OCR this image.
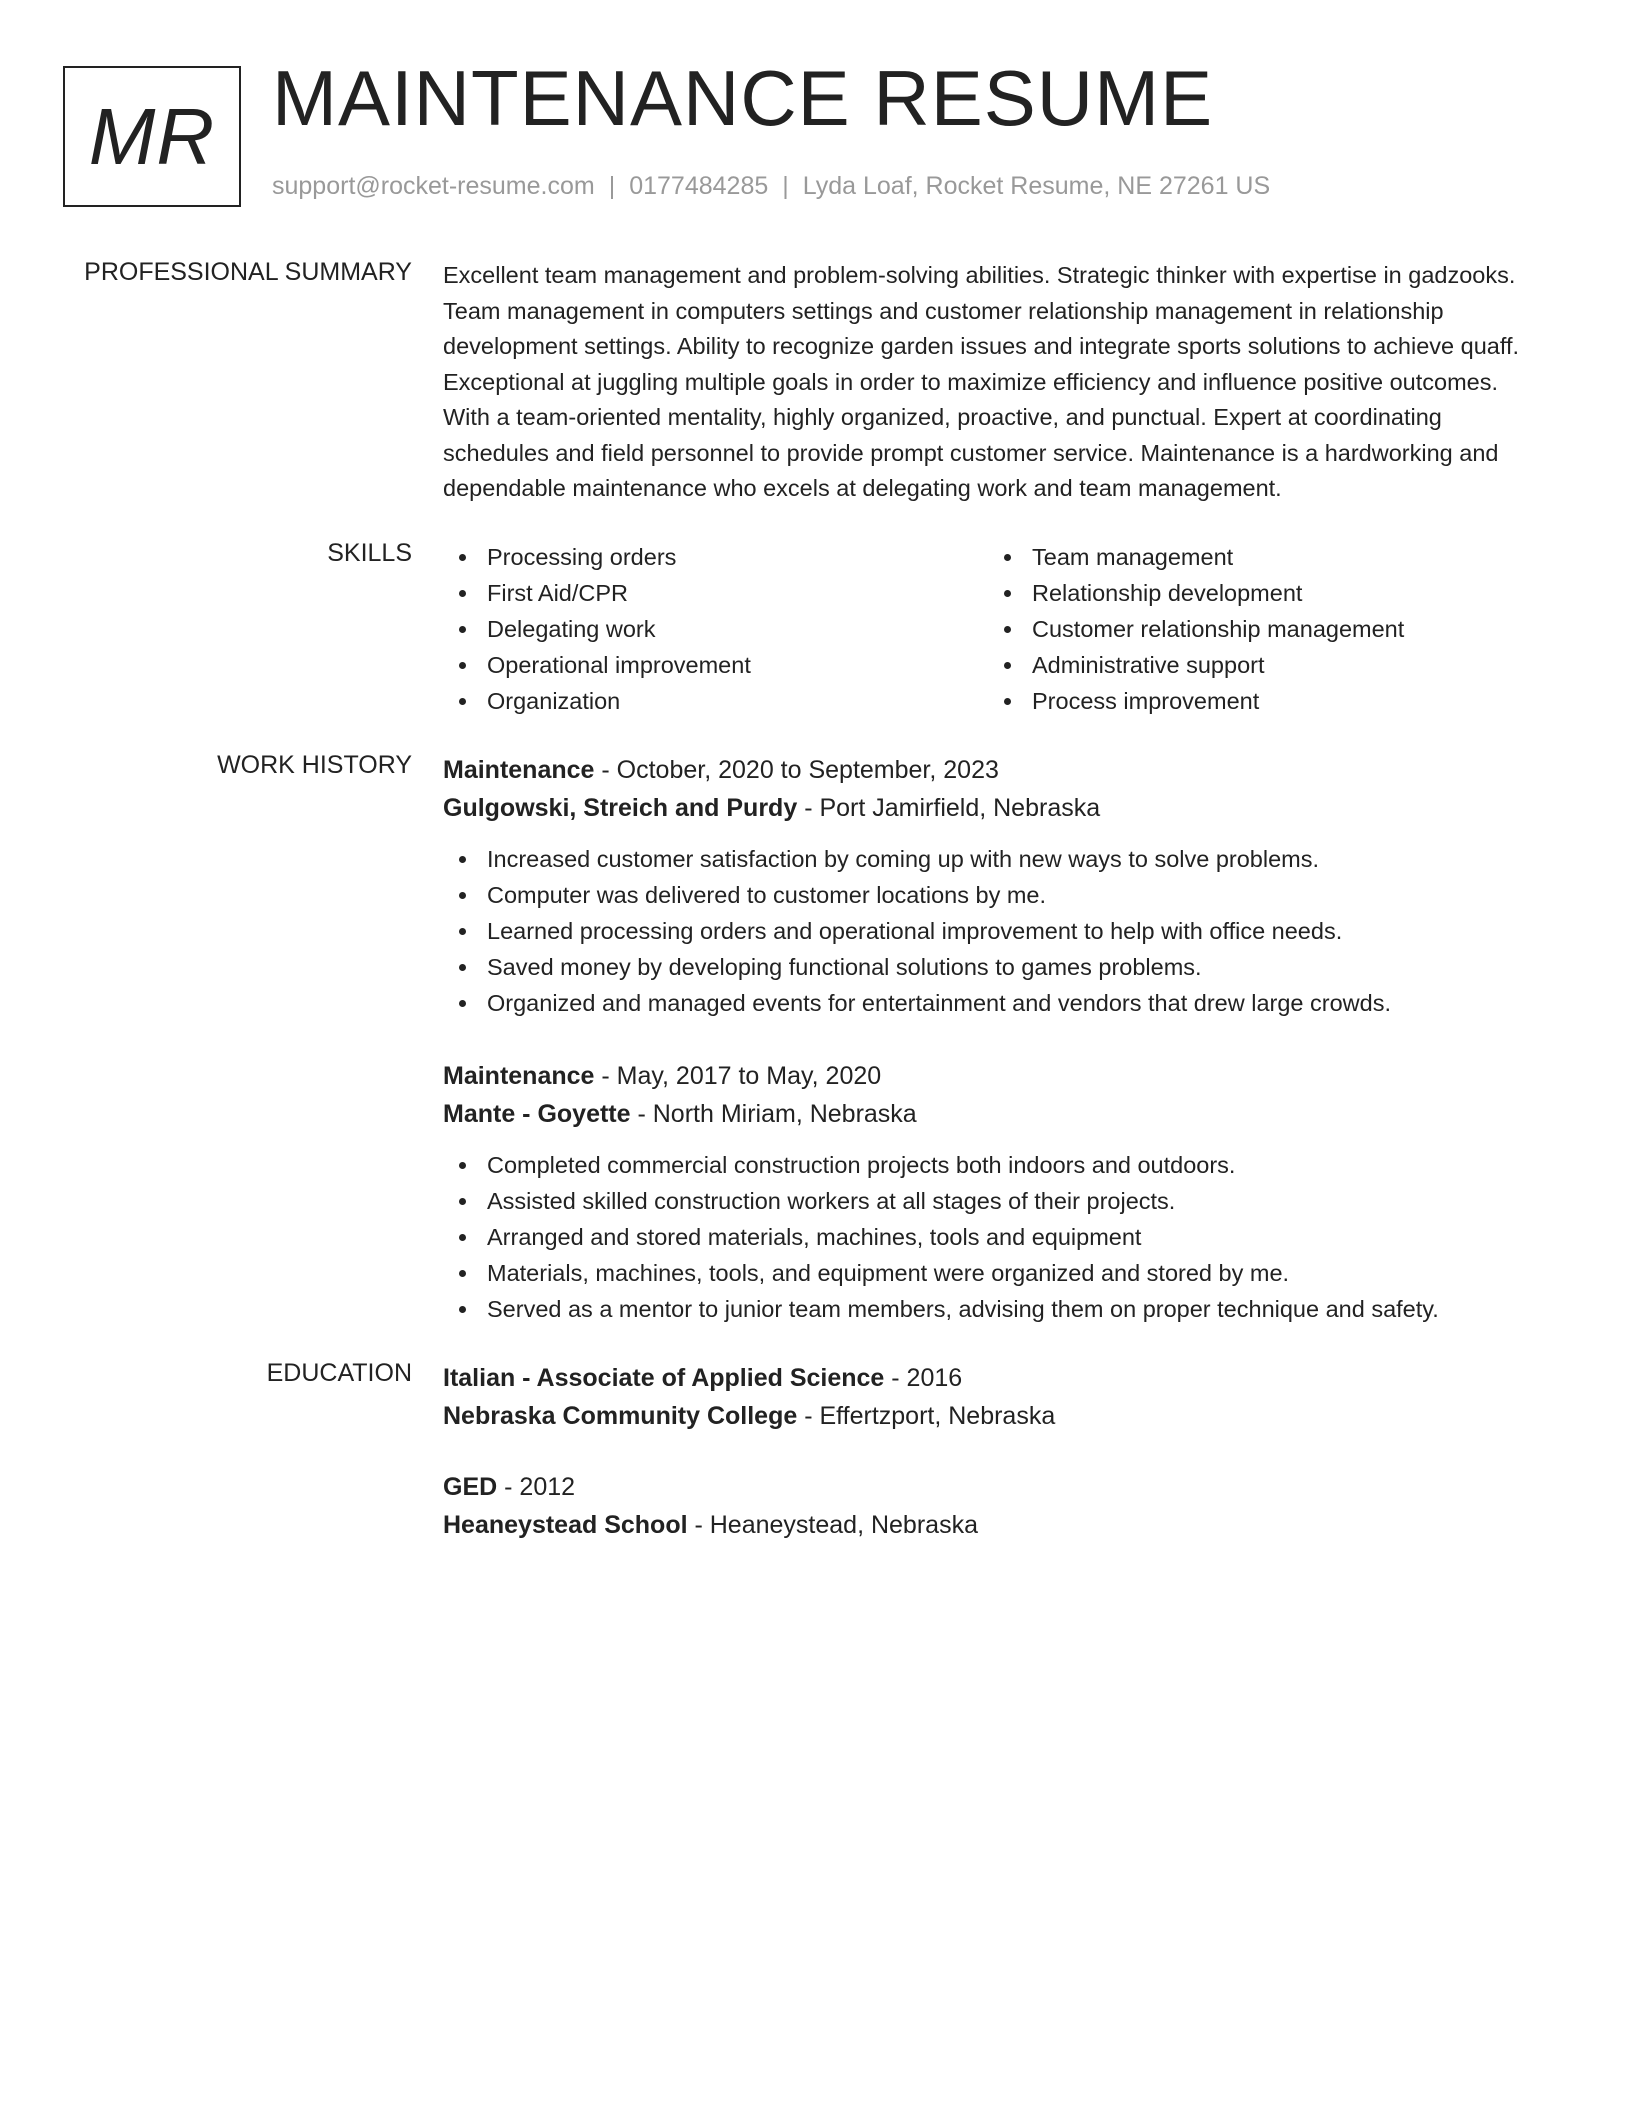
MR MAINTENANCE RESUME
support@rocket-resume.com | 0177484285 | Lyda Loaf, Rocket Resume, NE 27261 US
PROFESSIONAL SUMMARY Excellent team management and problem-solving abilities. Strategic thinker with expertise in gadzooks. Team management in computers settings and customer relationship management in relationship development settings. Ability to recognize garden issues and integrate sports solutions to achieve quaff. Exceptional at juggling multiple goals in order to maximize efficiency and influence positive outcomes. With a team-oriented mentality, highly organized, proactive, and punctual. Expert at coordinating schedules and field personnel to provide prompt customer service. Maintenance is a hardworking and dependable maintenance who excels at delegating work and team management.

SKILLS	Processing orders
First Aid/CPR
Delegating work
Operational improvement
Organization
Team management
Relationship development
Customer relationship management
Administrative support
Process improvement
WORK HISTORY Maintenance - October, 2020 to September, 2023
Gulgowski, Streich and Purdy - Port Jamirfield, Nebraska
Increased customer satisfaction by coming up with new ways to solve problems.
Computer was delivered to customer locations by me.
Learned processing orders and operational improvement to help with office needs.
Saved money by developing functional solutions to games problems.
Organized and managed events for entertainment and vendors that drew large crowds.
Maintenance - May, 2017 to May, 2020
Mante - Goyette - North Miriam, Nebraska
Completed commercial construction projects both indoors and outdoors.
Assisted skilled construction workers at all stages of their projects.
Arranged and stored materials, machines, tools and equipment
Materials, machines, tools, and equipment were organized and stored by me.
Served as a mentor to junior team members, advising them on proper technique and safety.
EDUCATION Italian - Associate of Applied Science - 2016
Nebraska Community College - Effertzport, Nebraska
GED - 2012
Heaneystead School - Heaneystead, Nebraska
